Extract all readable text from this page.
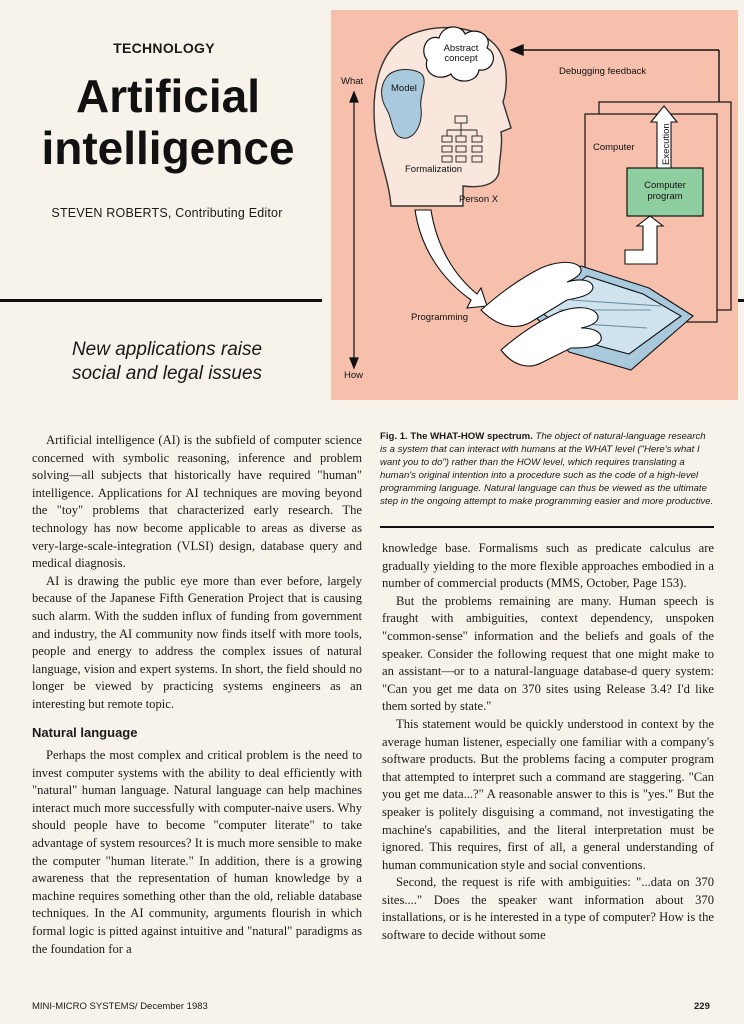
TECHNOLOGY
Artificial
intelligence
STEVEN ROBERTS, Contributing Editor
New applications raise
social and legal issues
What
How
Abstract
concept
Model
Debugging feedback
Computer	Execution
Computer
program
Formalization
Person X
Programming
Fig. 1. The WHAT-HOW spectrum. The object of natural-language research is a system that can interact with humans at the WHAT level ("Here's what I want you to do") rather than the HOW level, which requires translating a human's original intention into a procedure such as the code of a high-level programming language. Natural language can thus be viewed as the ultimate step in the ongoing attempt to make programming easier and more productive.

Artificial intelligence (AI) is the subfield of computer science concerned with symbolic reasoning, inference and problem solving—all subjects that historically have required "human" intelligence. Applications for AI techniques are moving beyond the "toy" problems that characterized early research. The technology has now become applicable to areas as diverse as very-large-scale-integration (VLSI) design, database query and medical diagnosis.

AI is drawing the public eye more than ever before, largely because of the Japanese Fifth Generation Project that is causing such alarm. With the sudden influx of funding from government and industry, the AI community now finds itself with more tools, people and energy to address the complex issues of natural language, vision and expert systems. In short, the field should no longer be viewed by practicing systems engineers as an interesting but remote topic.

Natural language

Perhaps the most complex and critical problem is the need to invest computer systems with the ability to deal efficiently with "natural" human language. Natural language can help machines interact much more successfully with computer-naive users. Why should people have to become "computer literate" to take advantage of system resources? It is much more sensible to make the computer "human literate." In addition, there is a growing awareness that the representation of human knowledge by a machine requires something other than the old, reliable database techniques. In the AI community, arguments flourish in which formal logic is pitted against intuitive and "natural" paradigms as the foundation for a

knowledge base. Formalisms such as predicate calculus are gradually yielding to the more flexible approaches embodied in a number of commercial products (MMS, October, Page 153).

But the problems remaining are many. Human speech is fraught with ambiguities, context dependency, unspoken "common-sense" information and the beliefs and goals of the speaker. Consider the following request that one might make to an assistant—or to a natural-language database-d query system: "Can you get me data on 370 sites using Release 3.4? I'd like them sorted by state."

This statement would be quickly understood in context by the average human listener, especially one familiar with a company's software products. But the problems facing a computer program that attempted to interpret such a command are staggering. "Can you get me data...?" A reasonable answer to this is "yes." But the speaker is politely disguising a command, not investigating the machine's capabilities, and the literal interpretation must be ignored. This requires, first of all, a general understanding of human communication style and social conventions.

Second, the request is rife with ambiguities: "...data on 370 sites...." Does the speaker want information about 370 installations, or is he interested in a type of computer? How is the software to decide without some

MINI-MICRO SYSTEMS/ December 1983	229
